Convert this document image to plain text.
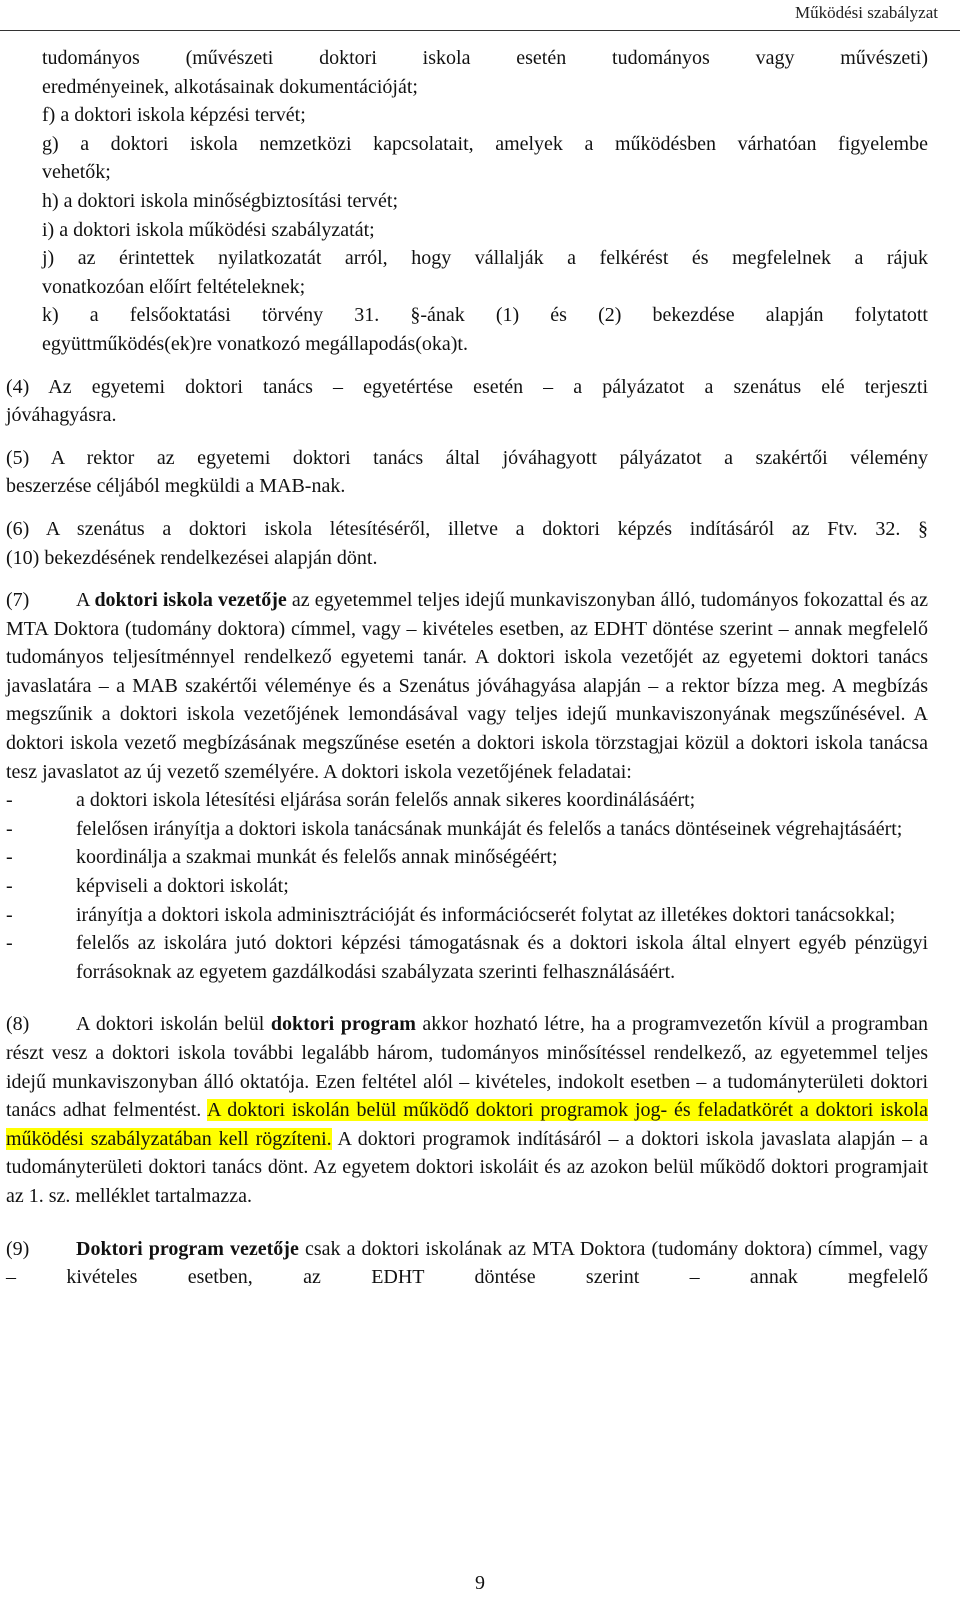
Működési szabályzat

tudományos (művészeti doktori iskola esetén tudományos vagy művészeti)

eredményeinek, alkotásainak dokumentációját;

f) a doktori iskola képzési tervét;

g) a doktori iskola nemzetközi kapcsolatait, amelyek a működésben várhatóan figyelembe

vehetők;

h) a doktori iskola minőségbiztosítási tervét;

i) a doktori iskola működési szabályzatát;

j) az érintettek nyilatkozatát arról, hogy vállalják a felkérést és megfelelnek a rájuk

vonatkozóan előírt feltételeknek;

k) a felsőoktatási törvény 31. §-ának (1) és (2) bekezdése alapján folytatott

együttműködés(ek)re vonatkozó megállapodás(oka)t.

(4) Az egyetemi doktori tanács – egyetértése esetén – a pályázatot a szenátus elé terjeszti

jóváhagyásra.

(5) A rektor az egyetemi doktori tanács által jóváhagyott pályázatot a szakértői vélemény

beszerzése céljából megküldi a MAB-nak.

(6) A szenátus a doktori iskola létesítéséről, illetve a doktori képzés indításáról az Ftv. 32. §

(10) bekezdésének rendelkezései alapján dönt.

(7) A doktori iskola vezetője az egyetemmel teljes idejű munkaviszonyban álló, tudományos fokozattal és az MTA Doktora (tudomány doktora) címmel, vagy – kivételes esetben, az EDHT döntése szerint – annak megfelelő tudományos teljesítménnyel rendelkező egyetemi tanár. A doktori iskola vezetőjét az egyetemi doktori tanács javaslatára – a MAB szakértői véleménye és a Szenátus jóváhagyása alapján – a rektor bízza meg. A megbízás megszűnik a doktori iskola vezetőjének lemondásával vagy teljes idejű munkaviszonyának megszűnésével. A doktori iskola vezető megbízásának megszűnése esetén a doktori iskola törzstagjai közül a doktori iskola tanácsa tesz javaslatot az új vezető személyére. A doktori iskola vezetőjének feladatai:

-	a doktori iskola létesítési eljárása során felelős annak sikeres koordinálásáért;
-	felelősen irányítja a doktori iskola tanácsának munkáját és felelős a tanács döntéseinek végrehajtásáért;
-	koordinálja a szakmai munkát és felelős annak minőségéért;
-	képviseli a doktori iskolát;
-	irányítja a doktori iskola adminisztrációját és információcserét folytat az illetékes doktori tanácsokkal;
-	felelős az iskolára jutó doktori képzési támogatásnak és a doktori iskola által elnyert egyéb pénzügyi forrásoknak az egyetem gazdálkodási szabályzata szerinti felhasználásáért.

(8) A doktori iskolán belül doktori program akkor hozható létre, ha a programvezetőn kívül a programban részt vesz a doktori iskola további legalább három, tudományos minősítéssel rendelkező, az egyetemmel teljes idejű munkaviszonyban álló oktatója. Ezen feltétel alól – kivételes, indokolt esetben – a tudományterületi doktori tanács adhat felmentést. A doktori iskolán belül működő doktori programok jog- és feladatkörét a doktori iskola működési szabályzatában kell rögzíteni. A doktori programok indításáról – a doktori iskola javaslata alapján – a tudományterületi doktori tanács dönt. Az egyetem doktori iskoláit és az azokon belül működő doktori programjait az 1. sz. melléklet tartalmazza.

(9) Doktori program vezetője csak a doktori iskolának az MTA Doktora (tudomány doktora) címmel, vagy – kivételes esetben, az EDHT döntése szerint – annak megfelelő

9
